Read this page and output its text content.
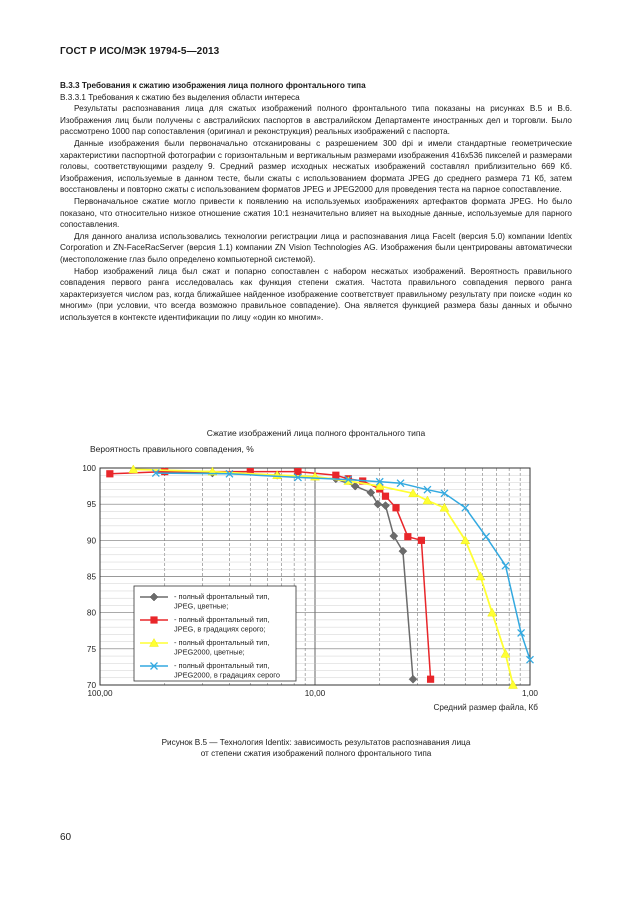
ГОСТ Р ИСО/МЭК 19794-5—2013

В.3.3 Требования к сжатию изображения лица полного фронтального типа

В.3.3.1 Требования к сжатию без выделения области интереса

Результаты распознавания лица для сжатых изображений полного фронтального типа показаны на рисунках В.5 и В.6. Изображения лиц были получены с австралийских паспортов в австралийском Департаменте иностранных дел и торговли. Было рассмотрено 1000 пар сопоставления (оригинал и реконструкция) реальных изображений с паспорта.

Данные изображения были первоначально отсканированы с разрешением 300 dpi и имели стандартные геометрические характеристики паспортной фотографии с горизонтальным и вертикальным размерами изображения 416х536 пикселей и размерами головы, соответствующими разделу 9. Средний размер исходных несжатых изображений составлял приблизительно 669 Кб. Изображения, используемые в данном тесте, были сжаты с использованием формата JPEG до среднего размера 71 Кб, затем восстановлены и повторно сжаты с использованием форматов JPEG и JPEG2000 для проведения теста на парное сопоставление.

Первоначальное сжатие могло привести к появлению на используемых изображениях артефактов формата JPEG. Но было показано, что относительно низкое отношение сжатия 10:1 незначительно влияет на выходные данные, используемые для парного сопоставления.

Для данного анализа использовались технологии регистрации лица и распознавания лица FaceIt (версия 5.0) компании Identix Corporation и ZN-FaceRacServer (версия 1.1) компании ZN Vision Technologies AG. Изображения были центрированы автоматически (местоположение глаз было определено компьютерной системой).

Набор изображений лица был сжат и попарно сопоставлен с набором несжатых изображений. Вероятность правильного совпадения первого ранга исследовалась как функция степени сжатия. Частота правильного совпадения первого ранга характеризуется числом раз, когда ближайшее найденное изображение соответствует правильному результату при поиске «один ко многим» (при условии, что всегда возможно правильное совпадение). Она является функцией размера базы данных и обычно используется в контексте идентификации по лицу «один ко многим».

Сжатие изображений лица полного фронтального типа
Вероятность правильного совпадения, %
Средний размер файла, Кб
70
75
80
85
90
95
100
100,00	10,00	1,00
- полный фронтальный тип,
JPEG, цветные;
- полный фронтальный тип,
JPEG, в градациях серого;
- полный фронтальный тип,
JPEG2000, цветные;
- полный фронтальный тип,
JPEG2000, в градациях серого
Рисунок В.5 — Технология Identix: зависимость результатов распознавания лица
от степени сжатия изображений полного фронтального типа
60
